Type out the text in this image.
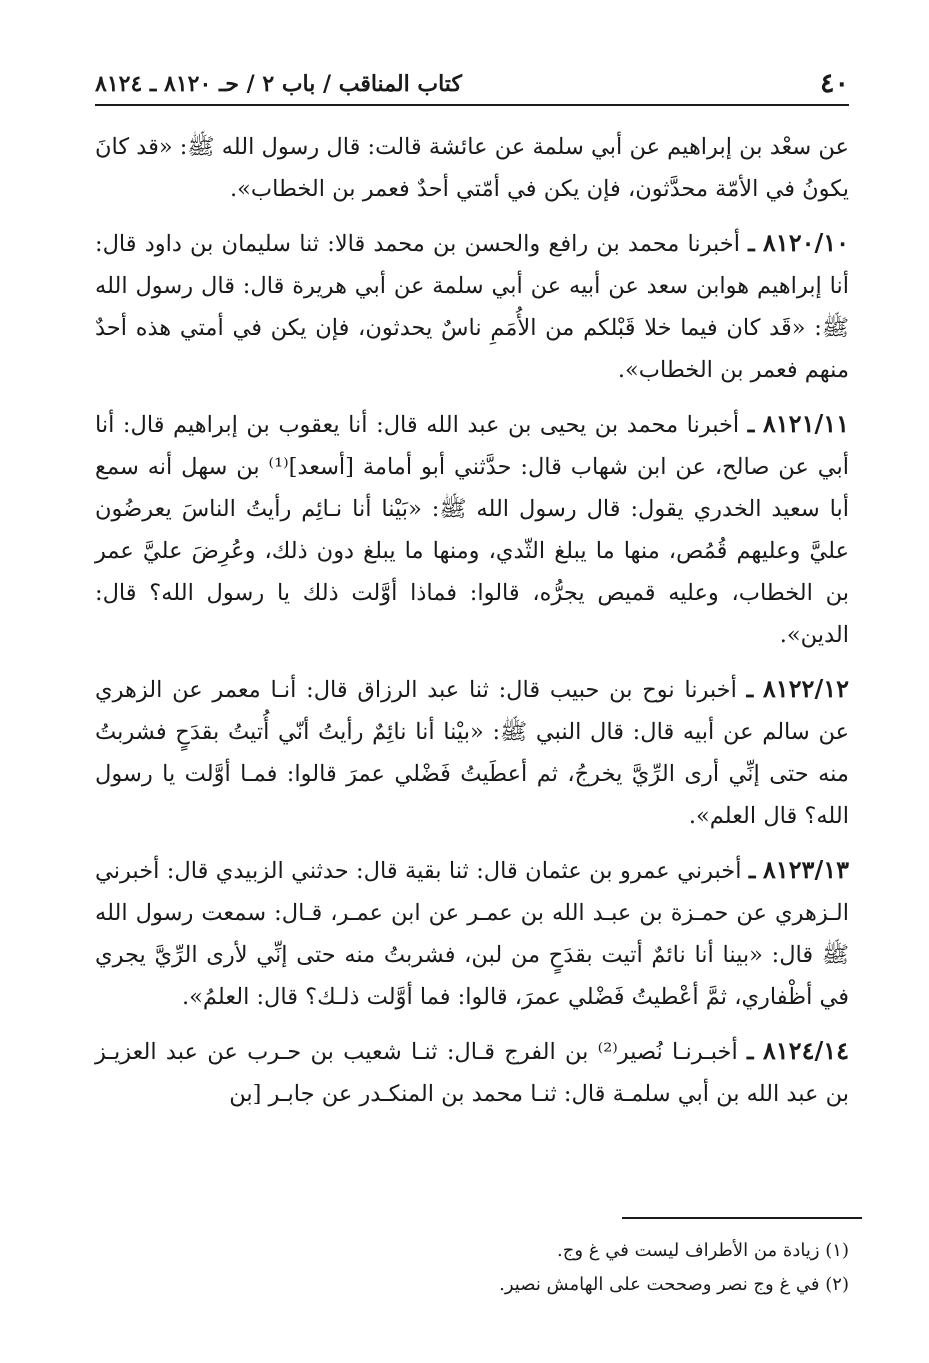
٤٠
كتاب المناقب / باب ٢ / حـ ٨١٢٠ ـ ٨١٢٤

عن سعْد بن إبراهيم عن أبي سلمة عن عائشة قالت: قال رسول الله ﷺ: «قد كانَ يكونُ في الأمّة محدَّثون، فإن يكن في أمّتي أحدٌ فعمر بن الخطاب».

٨١٢٠/١٠ ـ أخبرنا محمد بن رافع والحسن بن محمد قالا: ثنا سليمان بن داود قال: أنا إبراهيم هوابن سعد عن أبيه عن أبي سلمة عن أبي هريرة قال: قال رسول الله ﷺ: «قَد كان فيما خلا قَبْلكم من الأُمَمِ ناسٌ يحدثون، فإن يكن في أمتي هذه أحدٌ منهم فعمر بن الخطاب».

٨١٢١/١١ ـ أخبرنا محمد بن يحيى بن عبد الله قال: أنا يعقوب بن إبراهيم قال: أنا أبي عن صالح، عن ابن شهاب قال: حدَّثني أبو أمامة [أسعد]⁽¹⁾ بن سهل أنه سمع أبا سعيد الخدري يقول: قال رسول الله ﷺ: «بَيْنا أنا نـائِم رأيتُ الناسَ يعرضُون عليَّ وعليهم قُمُص، منها ما يبلغ الثّدي، ومنها ما يبلغ دون ذلك، وعُرِضَ عليَّ عمر بن الخطاب، وعليه قميص يجرُّه، قالوا: فماذا أوَّلت ذلك يا رسول الله؟ قال: الدين».

٨١٢٢/١٢ ـ أخبرنا نوح بن حبيب قال: ثنا عبد الرزاق قال: أنـا معمر عن الزهري عن سالم عن أبيه قال: قال النبي ﷺ: «بيْنا أنا نائِمٌ رأيتُ أنّي أُتيتُ بقدَحٍ فشربتُ منه حتى إنِّي أرى الرِّيَّ يخرجُ، ثم أعطَيتُ فَضْلي عمرَ قالوا: فمـا أوَّلت يا رسول الله؟ قال العلم».

٨١٢٣/١٣ ـ أخبرني عمرو بن عثمان قال: ثنا بقية قال: حدثني الزبيدي قال: أخبرني الـزهري عن حمـزة بن عبـد الله بن عمـر عن ابن عمـر، قـال: سمعت رسول الله ﷺ قال: «بينا أنا نائمٌ أتيت بقدَحٍ من لبن، فشربتُ منه حتى إنِّي لأرى الرِّيَّ يجري في أظْفاري، ثمَّ أعْطيتُ فَضْلي عمرَ، قالوا: فما أوَّلت ذلـك؟ قال: العلمُ».

٨١٢٤/١٤ ـ أخبـرنـا نُصير⁽²⁾ بن الفرج قـال: ثنـا شعيب بن حـرب عن عبد العزيـز بن عبد الله بن أبي سلمـة قال: ثنـا محمد بن المنكـدر عن جابـر [بن

(١) زيادة من الأطراف ليست في غ وج.

(٢) في غ وج نصر وصححت على الهامش نصير.
